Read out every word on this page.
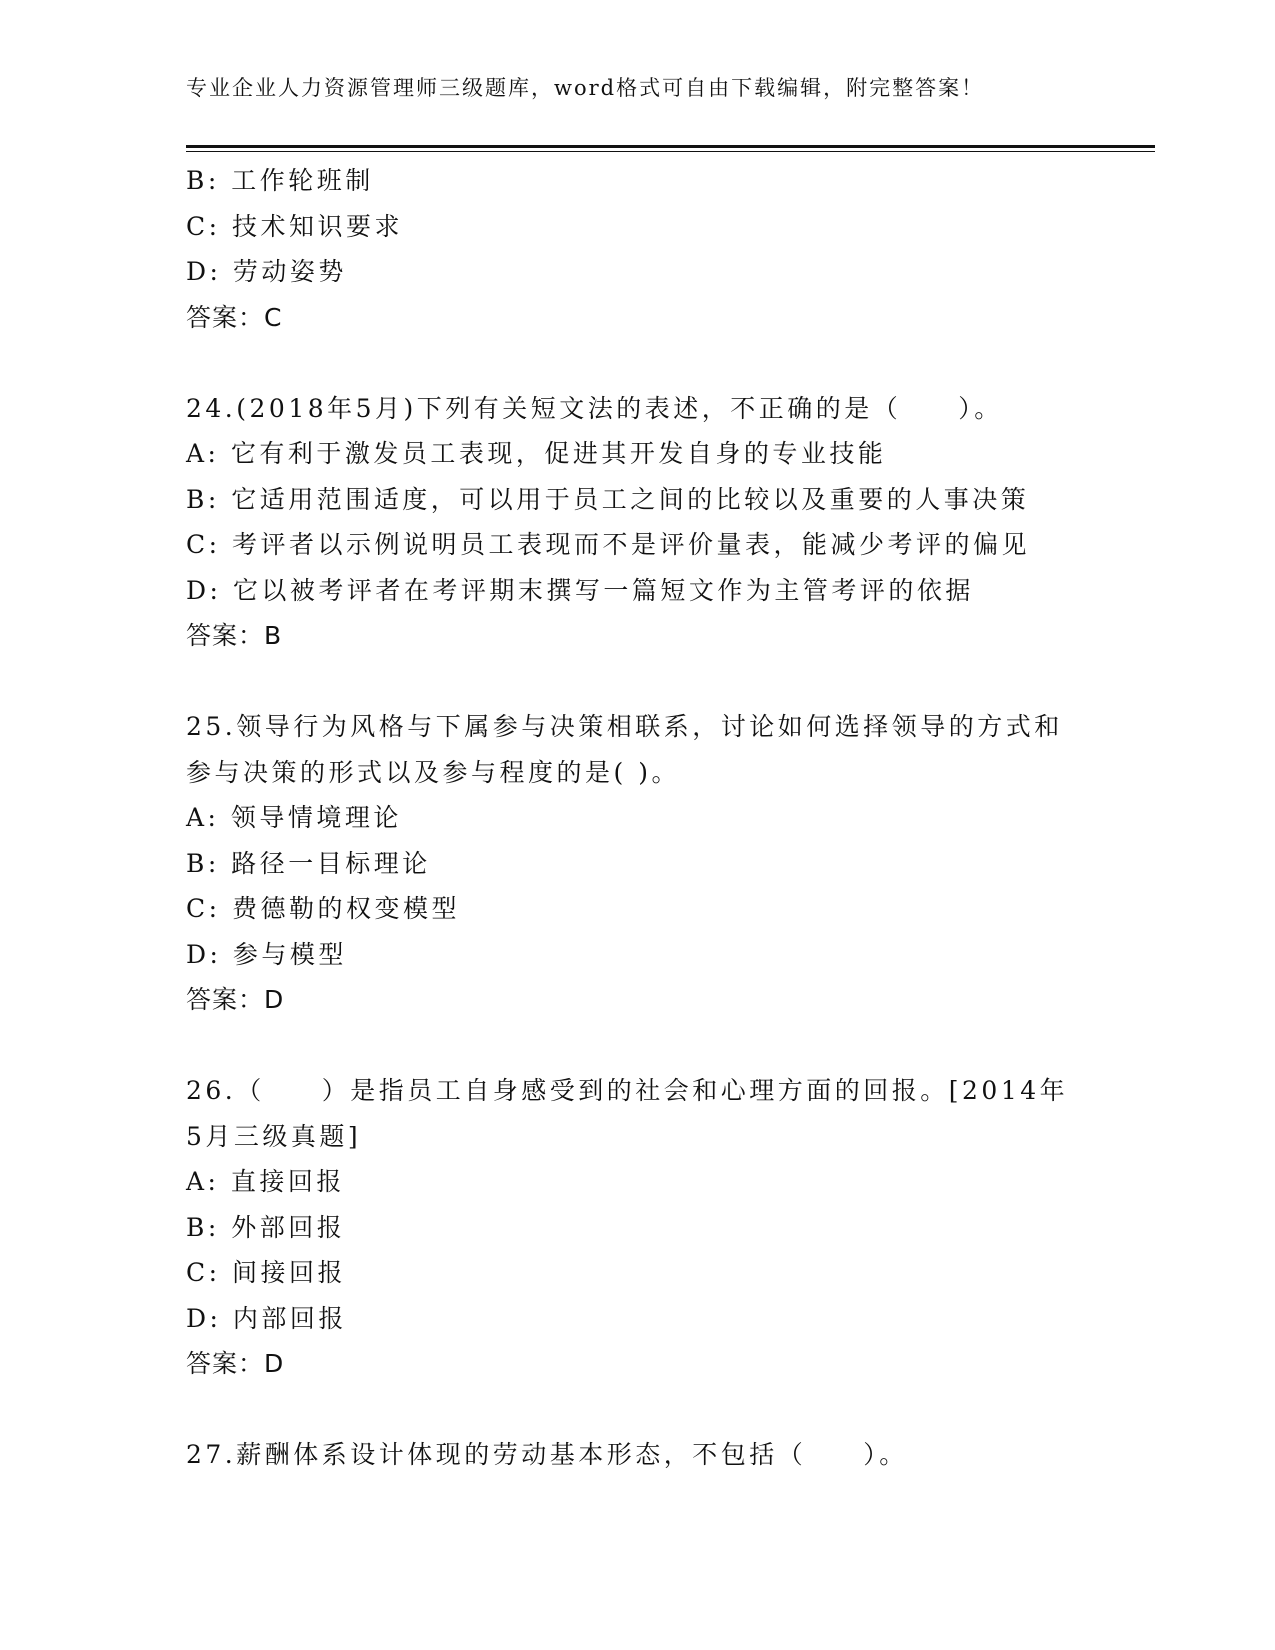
专业企业人力资源管理师三级题库，word格式可自由下载编辑，附完整答案！
B: 工作轮班制
C: 技术知识要求
D: 劳动姿势
答案：C
24.(2018年5月)下列有关短文法的表述，不正确的是（　　）。
A: 它有利于激发员工表现，促进其开发自身的专业技能
B: 它适用范围适度，可以用于员工之间的比较以及重要的人事决策
C: 考评者以示例说明员工表现而不是评价量表，能减少考评的偏见
D: 它以被考评者在考评期末撰写一篇短文作为主管考评的依据
答案：B
25.领导行为风格与下属参与决策相联系，讨论如何选择领导的方式和
参与决策的形式以及参与程度的是( )。
A: 领导情境理论
B: 路径一目标理论
C: 费德勒的权变模型
D: 参与模型
答案：D
26.（　　）是指员工自身感受到的社会和心理方面的回报。[2014年
5月三级真题]
A: 直接回报
B: 外部回报
C: 间接回报
D: 内部回报
答案：D
27.薪酬体系设计体现的劳动基本形态，不包括（　　）。
